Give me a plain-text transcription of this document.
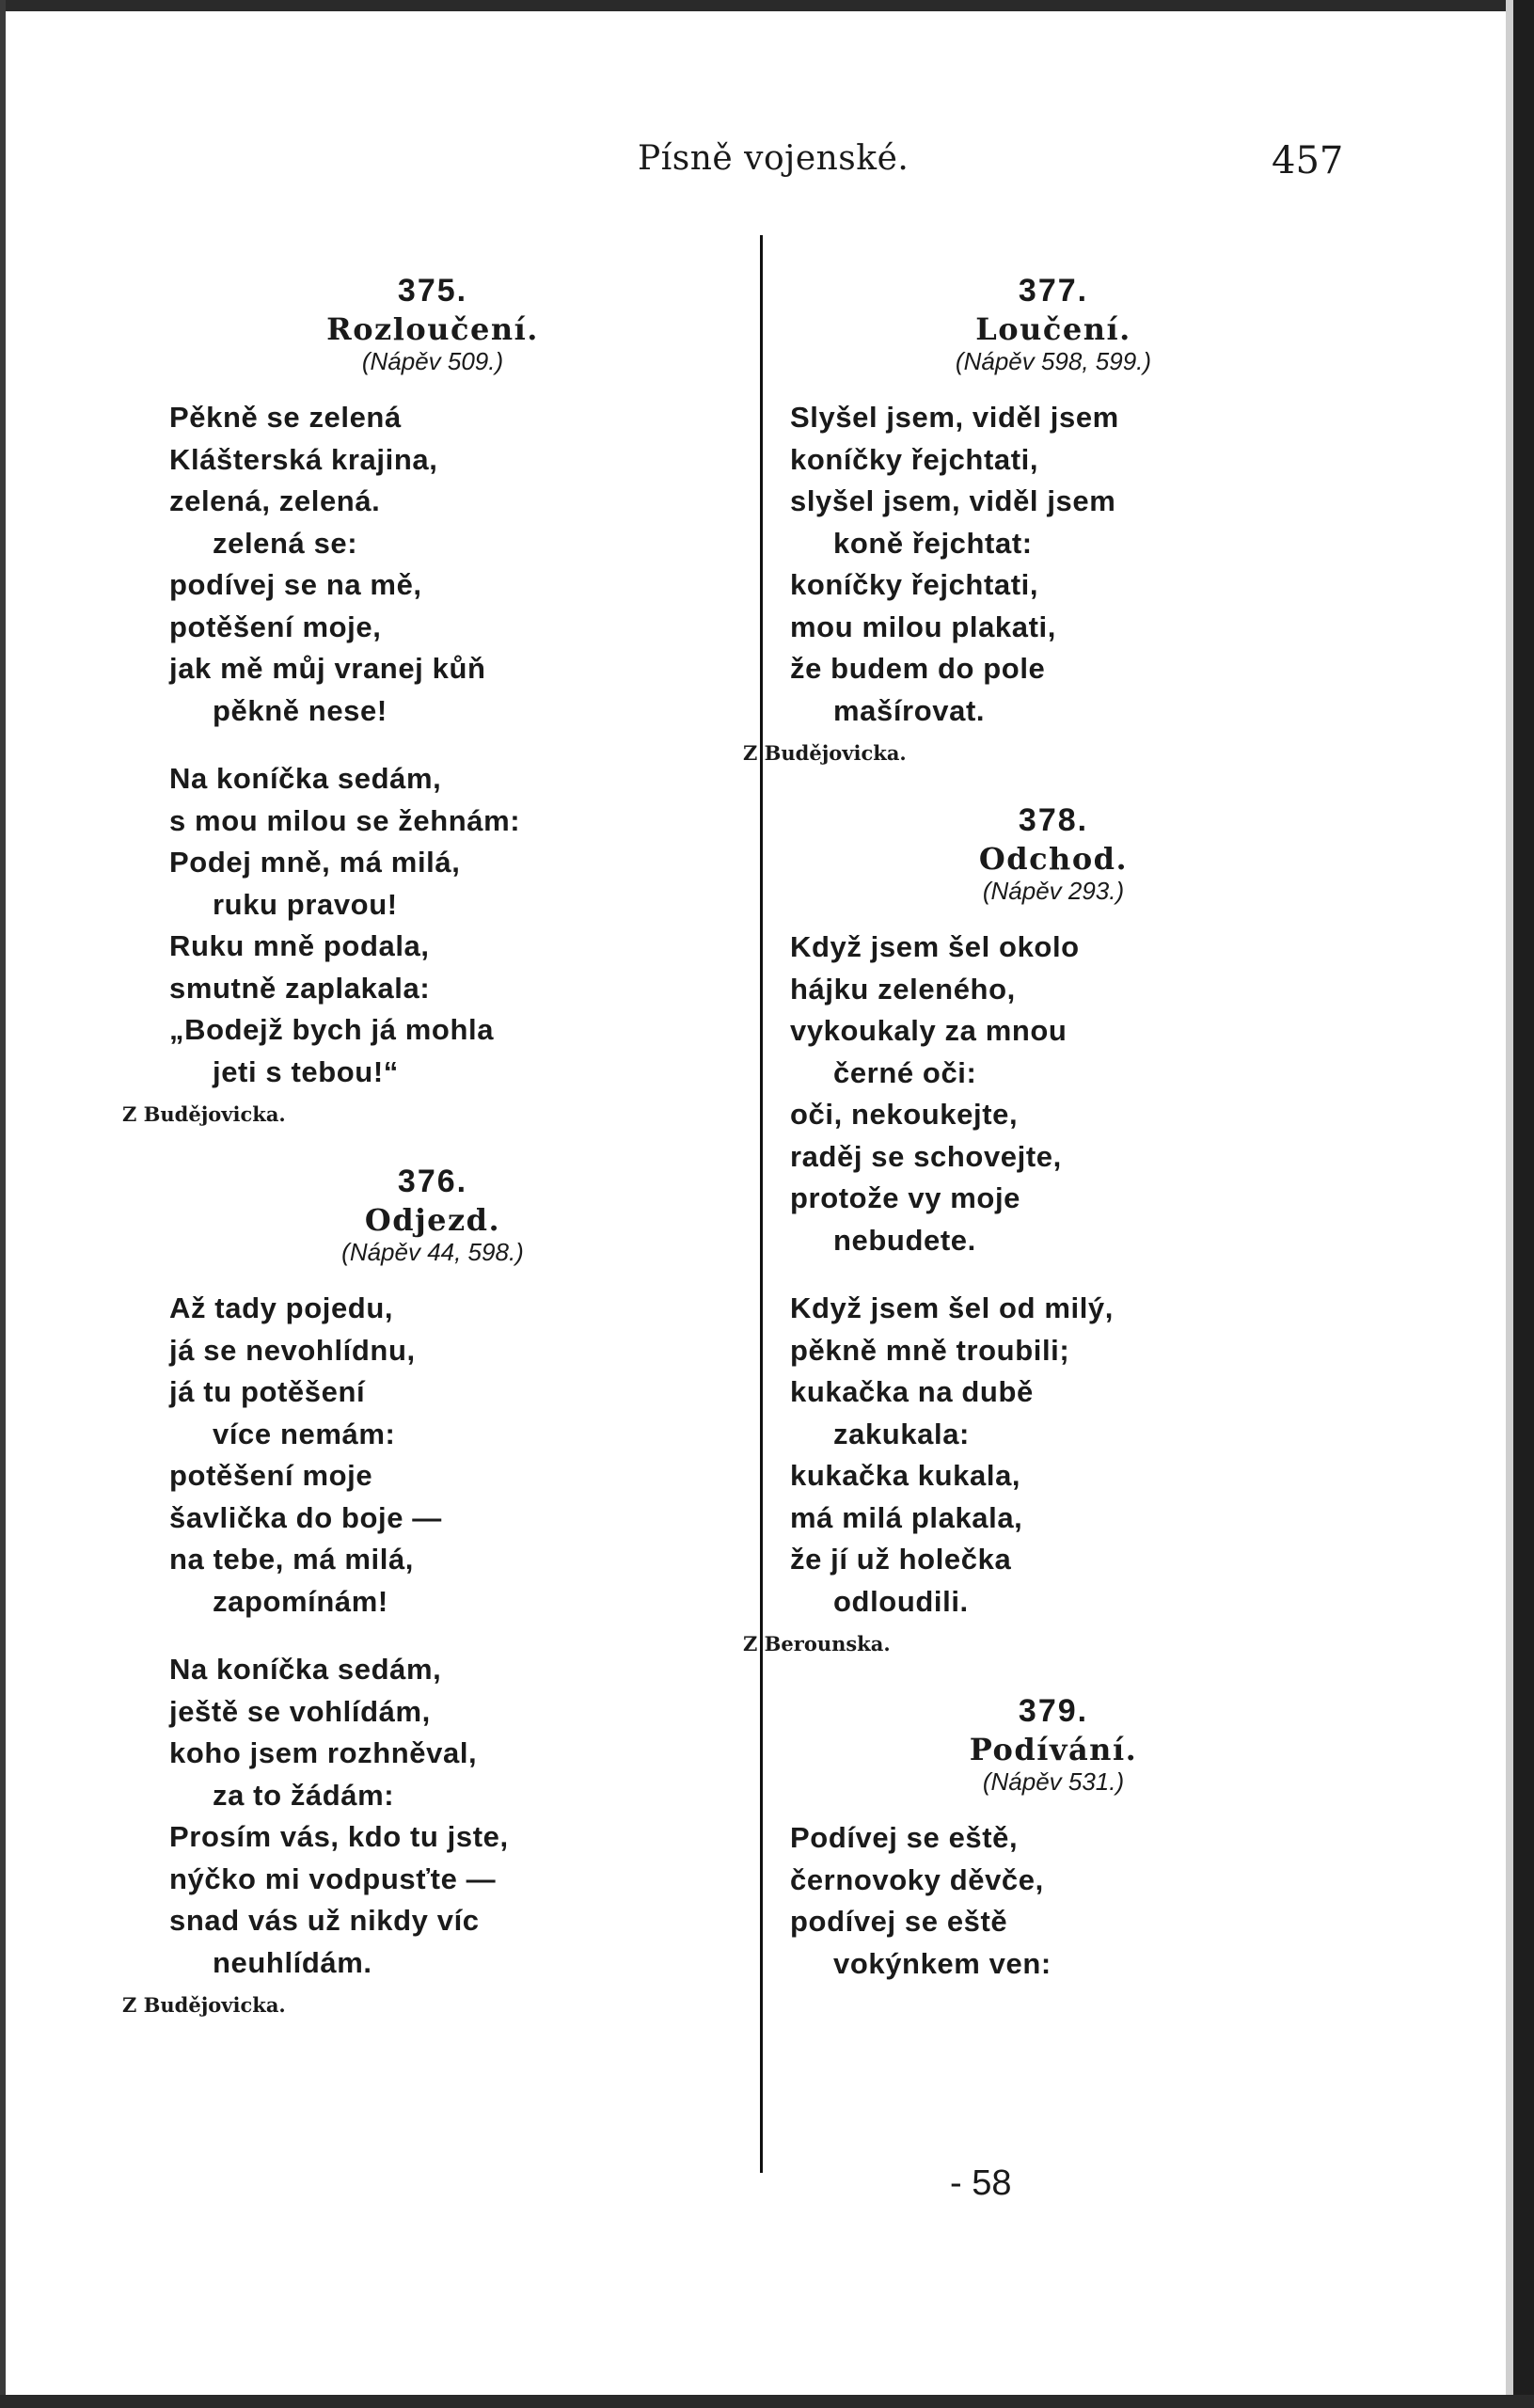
Písně vojenské.	457
375.
Rozloučení.
(Nápěv 509.)
Pěkně se zelená
Klášterská krajina,
zelená, zelená.
zelená se:
podívej se na mě,
potěšení moje,
jak mě můj vranej kůň
pěkně nese!
Na koníčka sedám,
s mou milou se žehnám:
Podej mně, má milá,
ruku pravou!
Ruku mně podala,
smutně zaplakala:
„Bodejž bych já mohla
jeti s tebou!“
Z Budějovicka.
376.
Odjezd.
(Nápěv 44, 598.)
Až tady pojedu,
já se nevohlídnu,
já tu potěšení
více nemám:
potěšení moje
šavlička do boje —
na tebe, má milá,
zapomínám!
Na koníčka sedám,
ještě se vohlídám,
koho jsem rozhněval,
za to žádám:
Prosím vás, kdo tu jste,
nýčko mi vodpusťte —
snad vás už nikdy víc
neuhlídám.
Z Budějovicka.
377.
Loučení.
(Nápěv 598, 599.)
Slyšel jsem, viděl jsem
koníčky řejchtati,
slyšel jsem, viděl jsem
koně řejchtat:
koníčky řejchtati,
mou milou plakati,
že budem do pole
mašírovat.
Z Budějovicka.
378.
Odchod.
(Nápěv 293.)
Když jsem šel okolo
hájku zeleného,
vykoukaly za mnou
černé oči:
oči, nekoukejte,
raděj se schovejte,
protože vy moje
nebudete.
Když jsem šel od milý,
pěkně mně troubili;
kukačka na dubě
zakukala:
kukačka kukala,
má milá plakala,
že jí už holečka
odloudili.
Z Berounska.
379.
Podívání.
(Nápěv 531.)
Podívej se eště,
černovoky děvče,
podívej se eště
vokýnkem ven:
- 58
